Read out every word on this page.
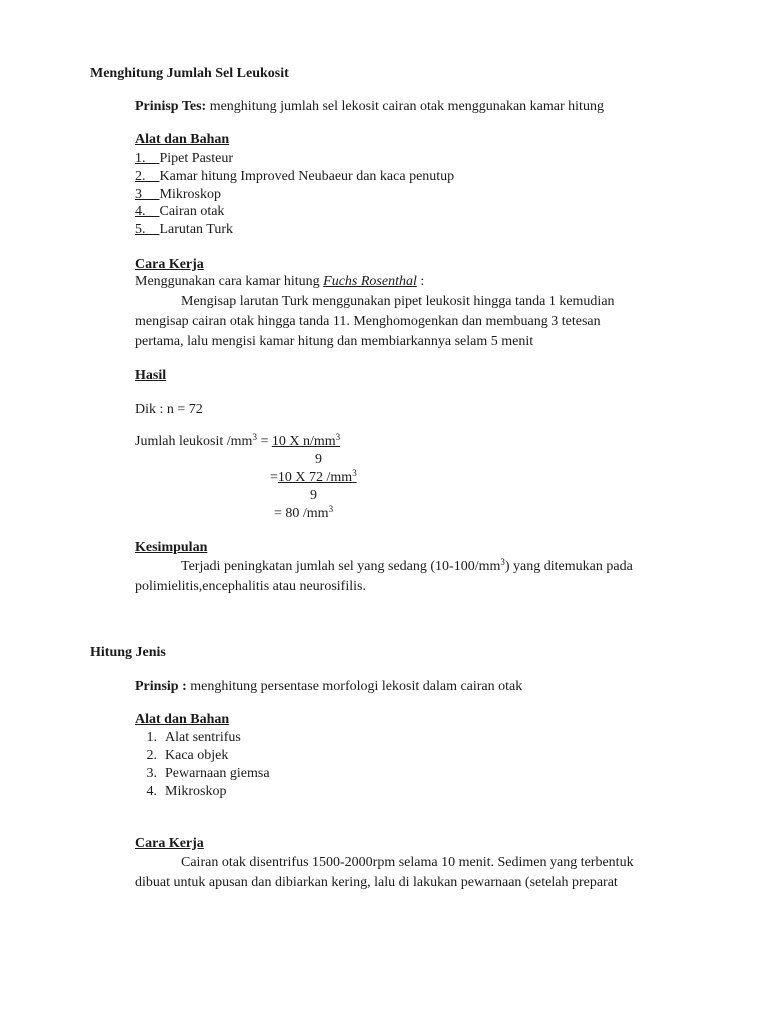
Menghitung Jumlah Sel Leukosit
Prinisp Tes: menghitung jumlah sel lekosit cairan otak menggunakan kamar hitung
Alat dan Bahan
1. Pipet Pasteur
2. Kamar hitung Improved Neubaeur dan kaca penutup
3 Mikroskop
4. Cairan otak
5. Larutan Turk
Cara Kerja
Menggunakan cara kamar hitung Fuchs Rosenthal :
Mengisap larutan Turk menggunakan pipet leukosit hingga tanda 1 kemudian
mengisap cairan otak hingga tanda 11. Menghomogenkan dan membuang 3 tetesan
pertama, lalu mengisi kamar hitung dan membiarkannya selam 5 menit
Hasil
Dik : n = 72
Jumlah leukosit $/mm^3 = 10$ X $n/mm^3$
9
=10 X 72 $/mm^3$
9
= 80 $/mm^3$
Kesimpulan
Terjadi peningkatan jumlah sel yang sedang $(10-100/mm^3)$ yang ditemukan pada
polimielitis,encephalitis atau neurosifilis.
Hitung Jenis
Prinsip : menghitung persentase morfologi lekosit dalam cairan otak
Alat dan Bahan
1. Alat sentrifus
2. Kaca objek
3. Pewarnaan giemsa
4. Mikroskop
Cara Kerja
Cairan otak disentrifus 1500-2000rpm selama 10 menit. Sedimen yang terbentuk
dibuat untuk apusan dan dibiarkan kering, lalu di lakukan pewarnaan (setelah preparat
